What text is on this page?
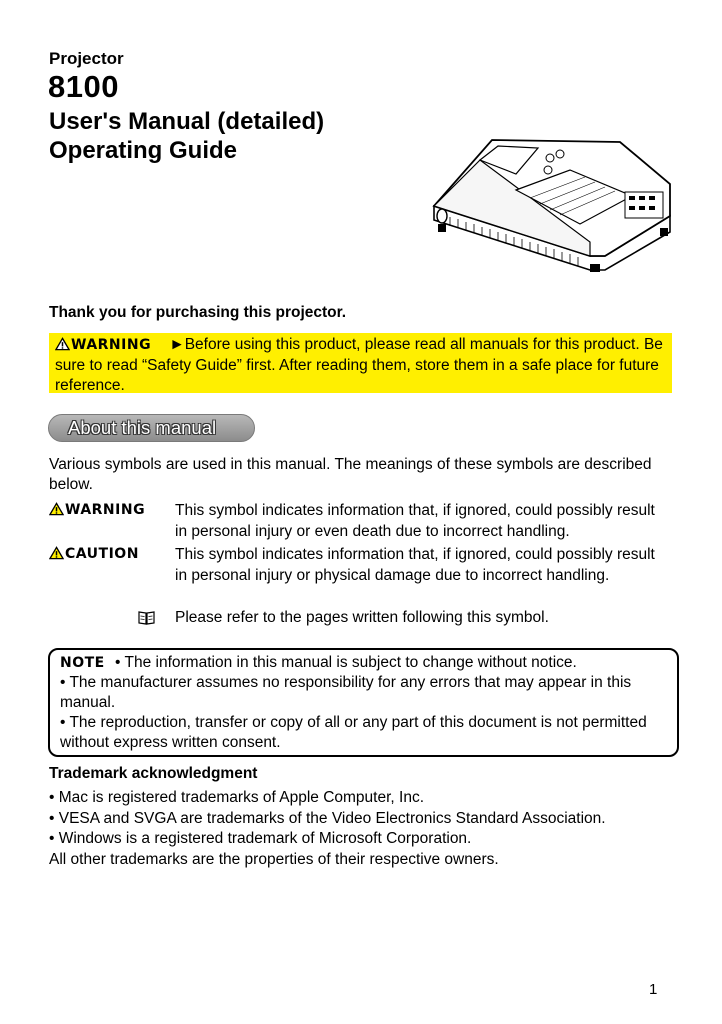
Projector
8100
User's Manual (detailed)
Operating Guide
Thank you for purchasing this projector.
WARNING ►Before using this product, please read all manuals for this product. Be sure to read “Safety Guide” first. After reading them, store them in a safe place for future reference.
About this manual
Various symbols are used in this manual. The meanings of these symbols are described below.
WARNING This symbol indicates information that, if ignored, could possibly result in personal injury or even death due to incorrect handling.
CAUTION This symbol indicates information that, if ignored, could possibly result in personal injury or physical damage due to incorrect handling.
Please refer to the pages written following this symbol.
NOTE • The information in this manual is subject to change without notice.
• The manufacturer assumes no responsibility for any errors that may appear in this manual.
• The reproduction, transfer or copy of all or any part of this document is not permitted without express written consent.
Trademark acknowledgment
• Mac is registered trademarks of Apple Computer, Inc.
• VESA and SVGA are trademarks of the Video Electronics Standard Association.
• Windows is a registered trademark of Microsoft Corporation.
All other trademarks are the properties of their respective owners.
1
